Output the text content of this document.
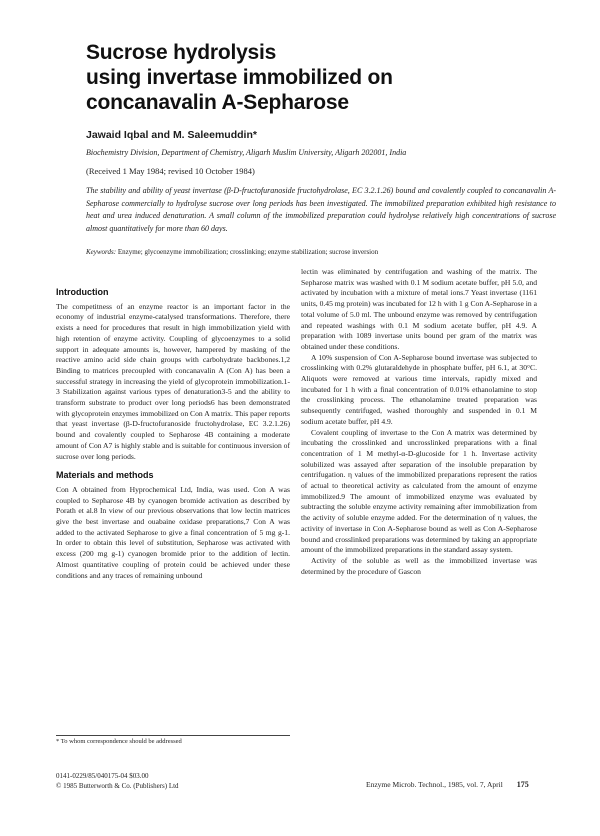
Sucrose hydrolysis
using invertase immobilized on
concanavalin A-Sepharose
Jawaid Iqbal and M. Saleemuddin*
Biochemistry Division, Department of Chemistry, Aligarh Muslim University, Aligarh 202001, India
(Received 1 May 1984; revised 10 October 1984)
The stability and ability of yeast invertase (β-D-fructofuranoside fructohydrolase, EC 3.2.1.26) bound and covalently coupled to concanavalin A-Sepharose commercially to hydrolyse sucrose over long periods has been investigated. The immobilized preparation exhibited high resistance to heat and urea induced denaturation. A small column of the immobilized preparation could hydrolyse relatively high concentrations of sucrose almost quantitatively for more than 60 days.
Keywords: Enzyme; glycoenzyme immobilization; crosslinking; enzyme stabilization; sucrose inversion
Introduction

The competitness of an enzyme reactor is an important factor in the economy of industrial enzyme-catalysed transformations. Therefore, there exists a need for procedures that result in high immobilization yield with high retention of enzyme activity. Coupling of glycoenzymes to a solid support in adequate amounts is, however, hampered by masking of the reactive amino acid side chain groups with carbohydrate backbones.1,2 Binding to matrices precoupled with concanavalin A (Con A) has been a successful strategy in increasing the yield of glycoprotein immobilization.1-3 Stabilization against various types of denaturation3-5 and the ability to transform substrate to product over long periods6 has been demonstrated with glycoprotein enzymes immobilized on Con A matrix. This paper reports that yeast invertase (β-D-fructofuranoside fructohydrolase, EC 3.2.1.26) bound and covalently coupled to Sepharose 4B containing a moderate amount of Con A7 is highly stable and is suitable for continuous inversion of sucrose over long periods.

Materials and methods

Con A obtained from Hyprochemical Ltd, India, was used. Con A was coupled to Sepharose 4B by cyanogen bromide activation as described by Porath et al.8 In view of our previous observations that low lectin matrices give the best invertase and ouabaine oxidase preparations,7 Con A was added to the activated Sepharose to give a final concentration of 5 mg g-1. In order to obtain this level of substitution, Sepharose was activated with excess (200 mg g-1) cyanogen bromide prior to the addition of lectin. Almost quantitative coupling of protein could be achieved under these conditions and any traces of remaining unbound

lectin was eliminated by centrifugation and washing of the matrix. The Sepharose matrix was washed with 0.1 M sodium acetate buffer, pH 5.0, and activated by incubation with a mixture of metal ions.7 Yeast invertase (1161 units, 0.45 mg protein) was incubated for 12 h with 1 g Con A-Sepharose in a total volume of 5.0 ml. The unbound enzyme was removed by centrifugation and repeated washings with 0.1 M sodium acetate buffer, pH 4.9. A preparation with 1089 invertase units bound per gram of the matrix was obtained under these conditions.

A 10% suspension of Con A-Sepharose bound invertase was subjected to crosslinking with 0.2% glutaraldehyde in phosphate buffer, pH 6.1, at 30°C. Aliquots were removed at various time intervals, rapidly mixed and incubated for 1 h with a final concentration of 0.01% ethanolamine to stop the crosslinking process. The ethanolamine treated preparation was subsequently centrifuged, washed thoroughly and suspended in 0.1 M sodium acetate buffer, pH 4.9.

Covalent coupling of invertase to the Con A matrix was determined by incubating the crosslinked and uncrosslinked preparations with a final concentration of 1 M methyl-α-D-glucoside for 1 h. Invertase activity solubilized was assayed after separation of the insoluble preparation by centrifugation. η values of the immobilized preparations represent the ratios of actual to theoretical activity as calculated from the amount of enzyme immobilized.9 The amount of immobilized enzyme was evaluated by subtracting the soluble enzyme activity remaining after immobilization from the activity of soluble enzyme added. For the determination of η values, the activity of invertase in Con A-Sepharose bound as well as Con A-Sepharose bound and crosslinked preparations was determined by taking an appropriate amount of the immobilized preparations in the standard assay system.

Activity of the soluble as well as the immobilized invertase was determined by the procedure of Gascon

* To whom correspondence should be addressed
0141-0229/85/040175-04 $03.00
© 1985 Butterworth & Co. (Publishers) Ltd	Enzyme Microb. Technol., 1985, vol. 7, April 175
